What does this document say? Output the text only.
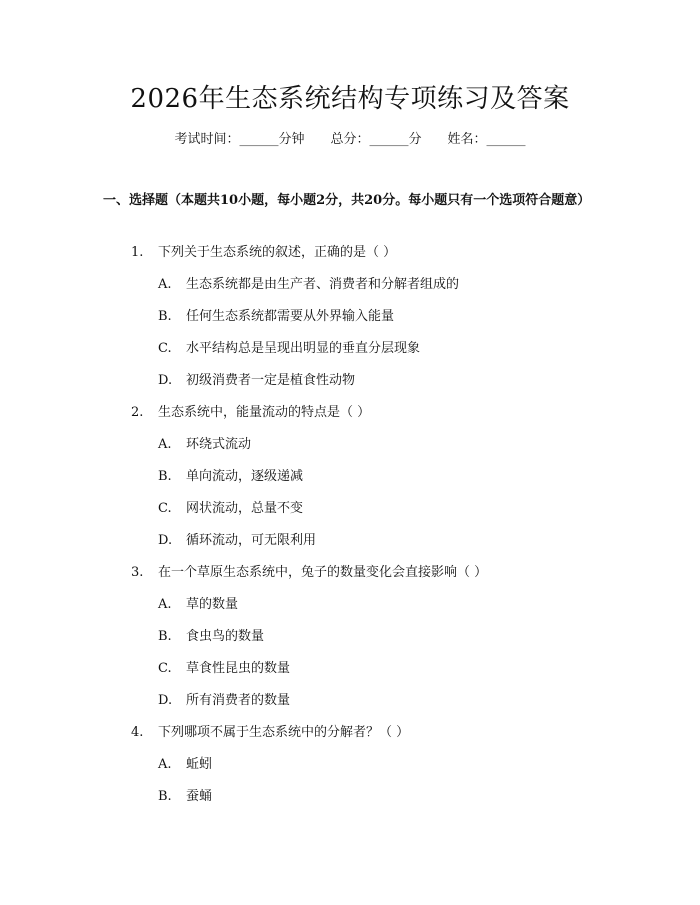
2026年生态系统结构专项练习及答案
考试时间：______分钟 总分：______分 姓名：______
一、选择题（本题共10小题，每小题2分，共20分。每小题只有一个选项符合题意）
1. 下列关于生态系统的叙述，正确的是（ ）
A. 生态系统都是由生产者、消费者和分解者组成的
B. 任何生态系统都需要从外界输入能量
C. 水平结构总是呈现出明显的垂直分层现象
D. 初级消费者一定是植食性动物
2. 生态系统中，能量流动的特点是（ ）
A. 环绕式流动
B. 单向流动，逐级递减
C. 网状流动，总量不变
D. 循环流动，可无限利用
3. 在一个草原生态系统中，兔子的数量变化会直接影响（ ）
A. 草的数量
B. 食虫鸟的数量
C. 草食性昆虫的数量
D. 所有消费者的数量
4. 下列哪项不属于生态系统中的分解者？（ ）
A. 蚯蚓
B. 蚕蛹
